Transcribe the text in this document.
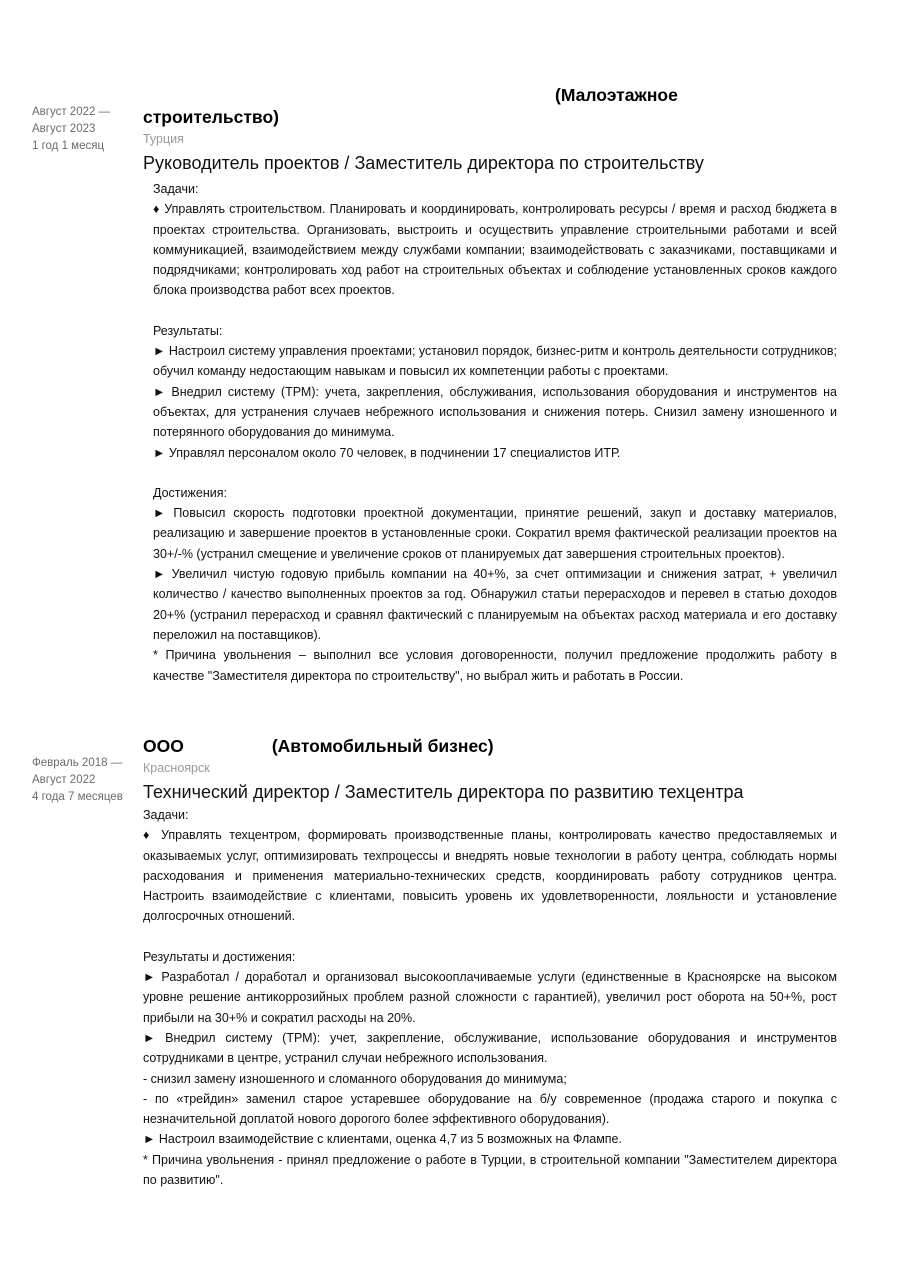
Август 2022 —
Август 2023
1 год 1 месяц
(Малоэтажное
строительство)
Турция
Руководитель проектов / Заместитель директора по строительству
Задачи:
♦ Управлять строительством. Планировать и координировать, контролировать ресурсы / время и расход бюджета в проектах строительства. Организовать, выстроить и осуществить управление строительными работами и всей коммуникацией, взаимодействием между службами компании; взаимодействовать с заказчиками, поставщиками и подрядчиками; контролировать ход работ на строительных объектах и соблюдение установленных сроков каждого блока производства работ всех проектов.
Результаты:
► Настроил систему управления проектами; установил порядок, бизнес-ритм и контроль деятельности сотрудников; обучил команду недостающим навыкам и повысил их компетенции работы с проектами.
► Внедрил систему (ТРМ): учета, закрепления, обслуживания, использования оборудования и инструментов на объектах, для устранения случаев небрежного использования и снижения потерь. Снизил замену изношенного и потерянного оборудования до минимума.
► Управлял персоналом около 70 человек, в подчинении 17 специалистов ИТР.
Достижения:
► Повысил скорость подготовки проектной документации, принятие решений, закуп и доставку материалов, реализацию и завершение проектов в установленные сроки. Сократил время фактической реализации проектов на 30+/-% (устранил смещение и увеличение сроков от планируемых дат завершения строительных проектов).
► Увеличил чистую годовую прибыль компании на 40+%, за счет оптимизации и снижения затрат, + увеличил количество / качество выполненных проектов за год. Обнаружил статьи перерасходов и перевел в статью доходов 20+% (устранил перерасход и сравнял фактический с планируемым на объектах расход материала и его доставку переложил на поставщиков).
* Причина увольнения – выполнил все условия договоренности, получил предложение продолжить работу в качестве "Заместителя директора по строительству", но выбрал жить и работать в России.
Февраль 2018 —
Август 2022
4 года 7 месяцев
ООО	(Автомобильный бизнес)
Красноярск
Технический директор / Заместитель директора по развитию техцентра
Задачи:
♦ Управлять техцентром, формировать производственные планы, контролировать качество предоставляемых и оказываемых услуг, оптимизировать техпроцессы и внедрять новые технологии в работу центра, соблюдать нормы расходования и применения материально-технических средств, координировать работу сотрудников центра. Настроить взаимодействие с клиентами, повысить уровень их удовлетворенности, лояльности и установление долгосрочных отношений.
Результаты и достижения:
► Разработал / доработал и организовал высокооплачиваемые услуги (единственные в Красноярске на высоком уровне решение антикоррозийных проблем разной сложности с гарантией), увеличил рост оборота на 50+%, рост прибыли на 30+% и сократил расходы на 20%.
► Внедрил систему (ТРМ): учет, закрепление, обслуживание, использование оборудования и инструментов сотрудниками в центре, устранил случаи небрежного использования.
- снизил замену изношенного и сломанного оборудования до минимума;
- по «трейдин» заменил старое устаревшее оборудование на б/у современное (продажа старого и покупка с незначительной доплатой нового дорогого более эффективного оборудования).
► Настроил взаимодействие с клиентами, оценка 4,7 из 5 возможных на Флампе.
* Причина увольнения - принял предложение о работе в Турции, в строительной компании "Заместителем директора по развитию".
